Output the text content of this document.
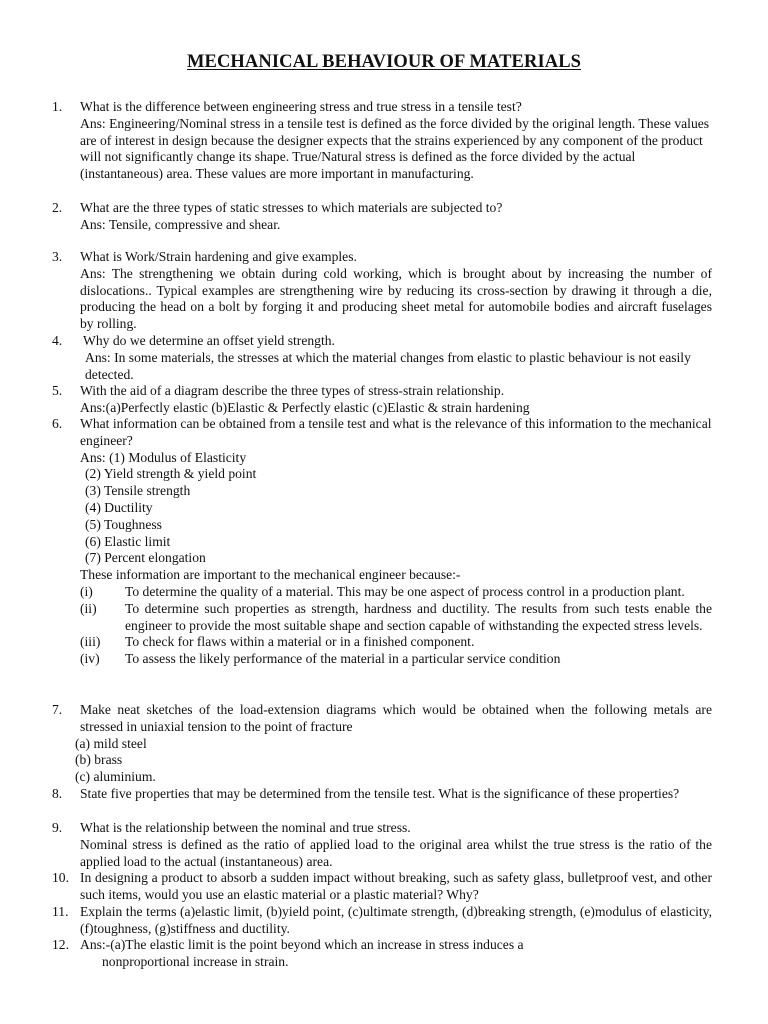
MECHANICAL BEHAVIOUR OF MATERIALS
1. What is the difference between engineering stress and true stress in a tensile test?
Ans: Engineering/Nominal stress in a tensile test is defined as the force divided by the original length. These values are of interest in design because the designer expects that the strains experienced by any component of the product will not significantly change its shape. True/Natural stress is defined as the force divided by the actual (instantaneous) area. These values are more important in manufacturing.
2. What are the three types of static stresses to which materials are subjected to?
Ans: Tensile, compressive and shear.
3. What is Work/Strain hardening and give examples.
Ans: The strengthening we obtain during cold working, which is brought about by increasing the number of dislocations.. Typical examples are strengthening wire by reducing its cross-section by drawing it through a die, producing the head on a bolt by forging it and producing sheet metal for automobile bodies and aircraft fuselages by rolling.
4. Why do we determine an offset yield strength.
Ans: In some materials, the stresses at which the material changes from elastic to plastic behaviour is not easily detected.
5. With the aid of a diagram describe the three types of stress-strain relationship.
Ans:(a)Perfectly elastic (b)Elastic & Perfectly elastic (c)Elastic & strain hardening
6. What information can be obtained from a tensile test and what is the relevance of this information to the mechanical engineer?
Ans: (1) Modulus of Elasticity
(2) Yield strength & yield point
(3) Tensile strength
(4) Ductility
(5) Toughness
(6) Elastic limit
(7) Percent elongation
These information are important to the mechanical engineer because:-
(i) To determine the quality of a material. This may be one aspect of process control in a production plant.
(ii) To determine such properties as strength, hardness and ductility. The results from such tests enable the engineer to provide the most suitable shape and section capable of withstanding the expected stress levels.
(iii) To check for flaws within a material or in a finished component.
(iv) To assess the likely performance of the material in a particular service condition
7. Make neat sketches of the load-extension diagrams which would be obtained when the following metals are stressed in uniaxial tension to the point of fracture
(a) mild steel
(b) brass
(c) aluminium.
8. State five properties that may be determined from the tensile test. What is the significance of these properties?
9. What is the relationship between the nominal and true stress.
Nominal stress is defined as the ratio of applied load to the original area whilst the true stress is the ratio of the applied load to the actual (instantaneous) area.
10. In designing a product to absorb a sudden impact without breaking, such as safety glass, bulletproof vest, and other such items, would you use an elastic material or a plastic material? Why?
11. Explain the terms (a)elastic limit, (b)yield point, (c)ultimate strength, (d)breaking strength, (e)modulus of elasticity, (f)toughness, (g)stiffness and ductility.
12. Ans:-(a)The elastic limit is the point beyond which an increase in stress induces a
nonproportional increase in strain.
